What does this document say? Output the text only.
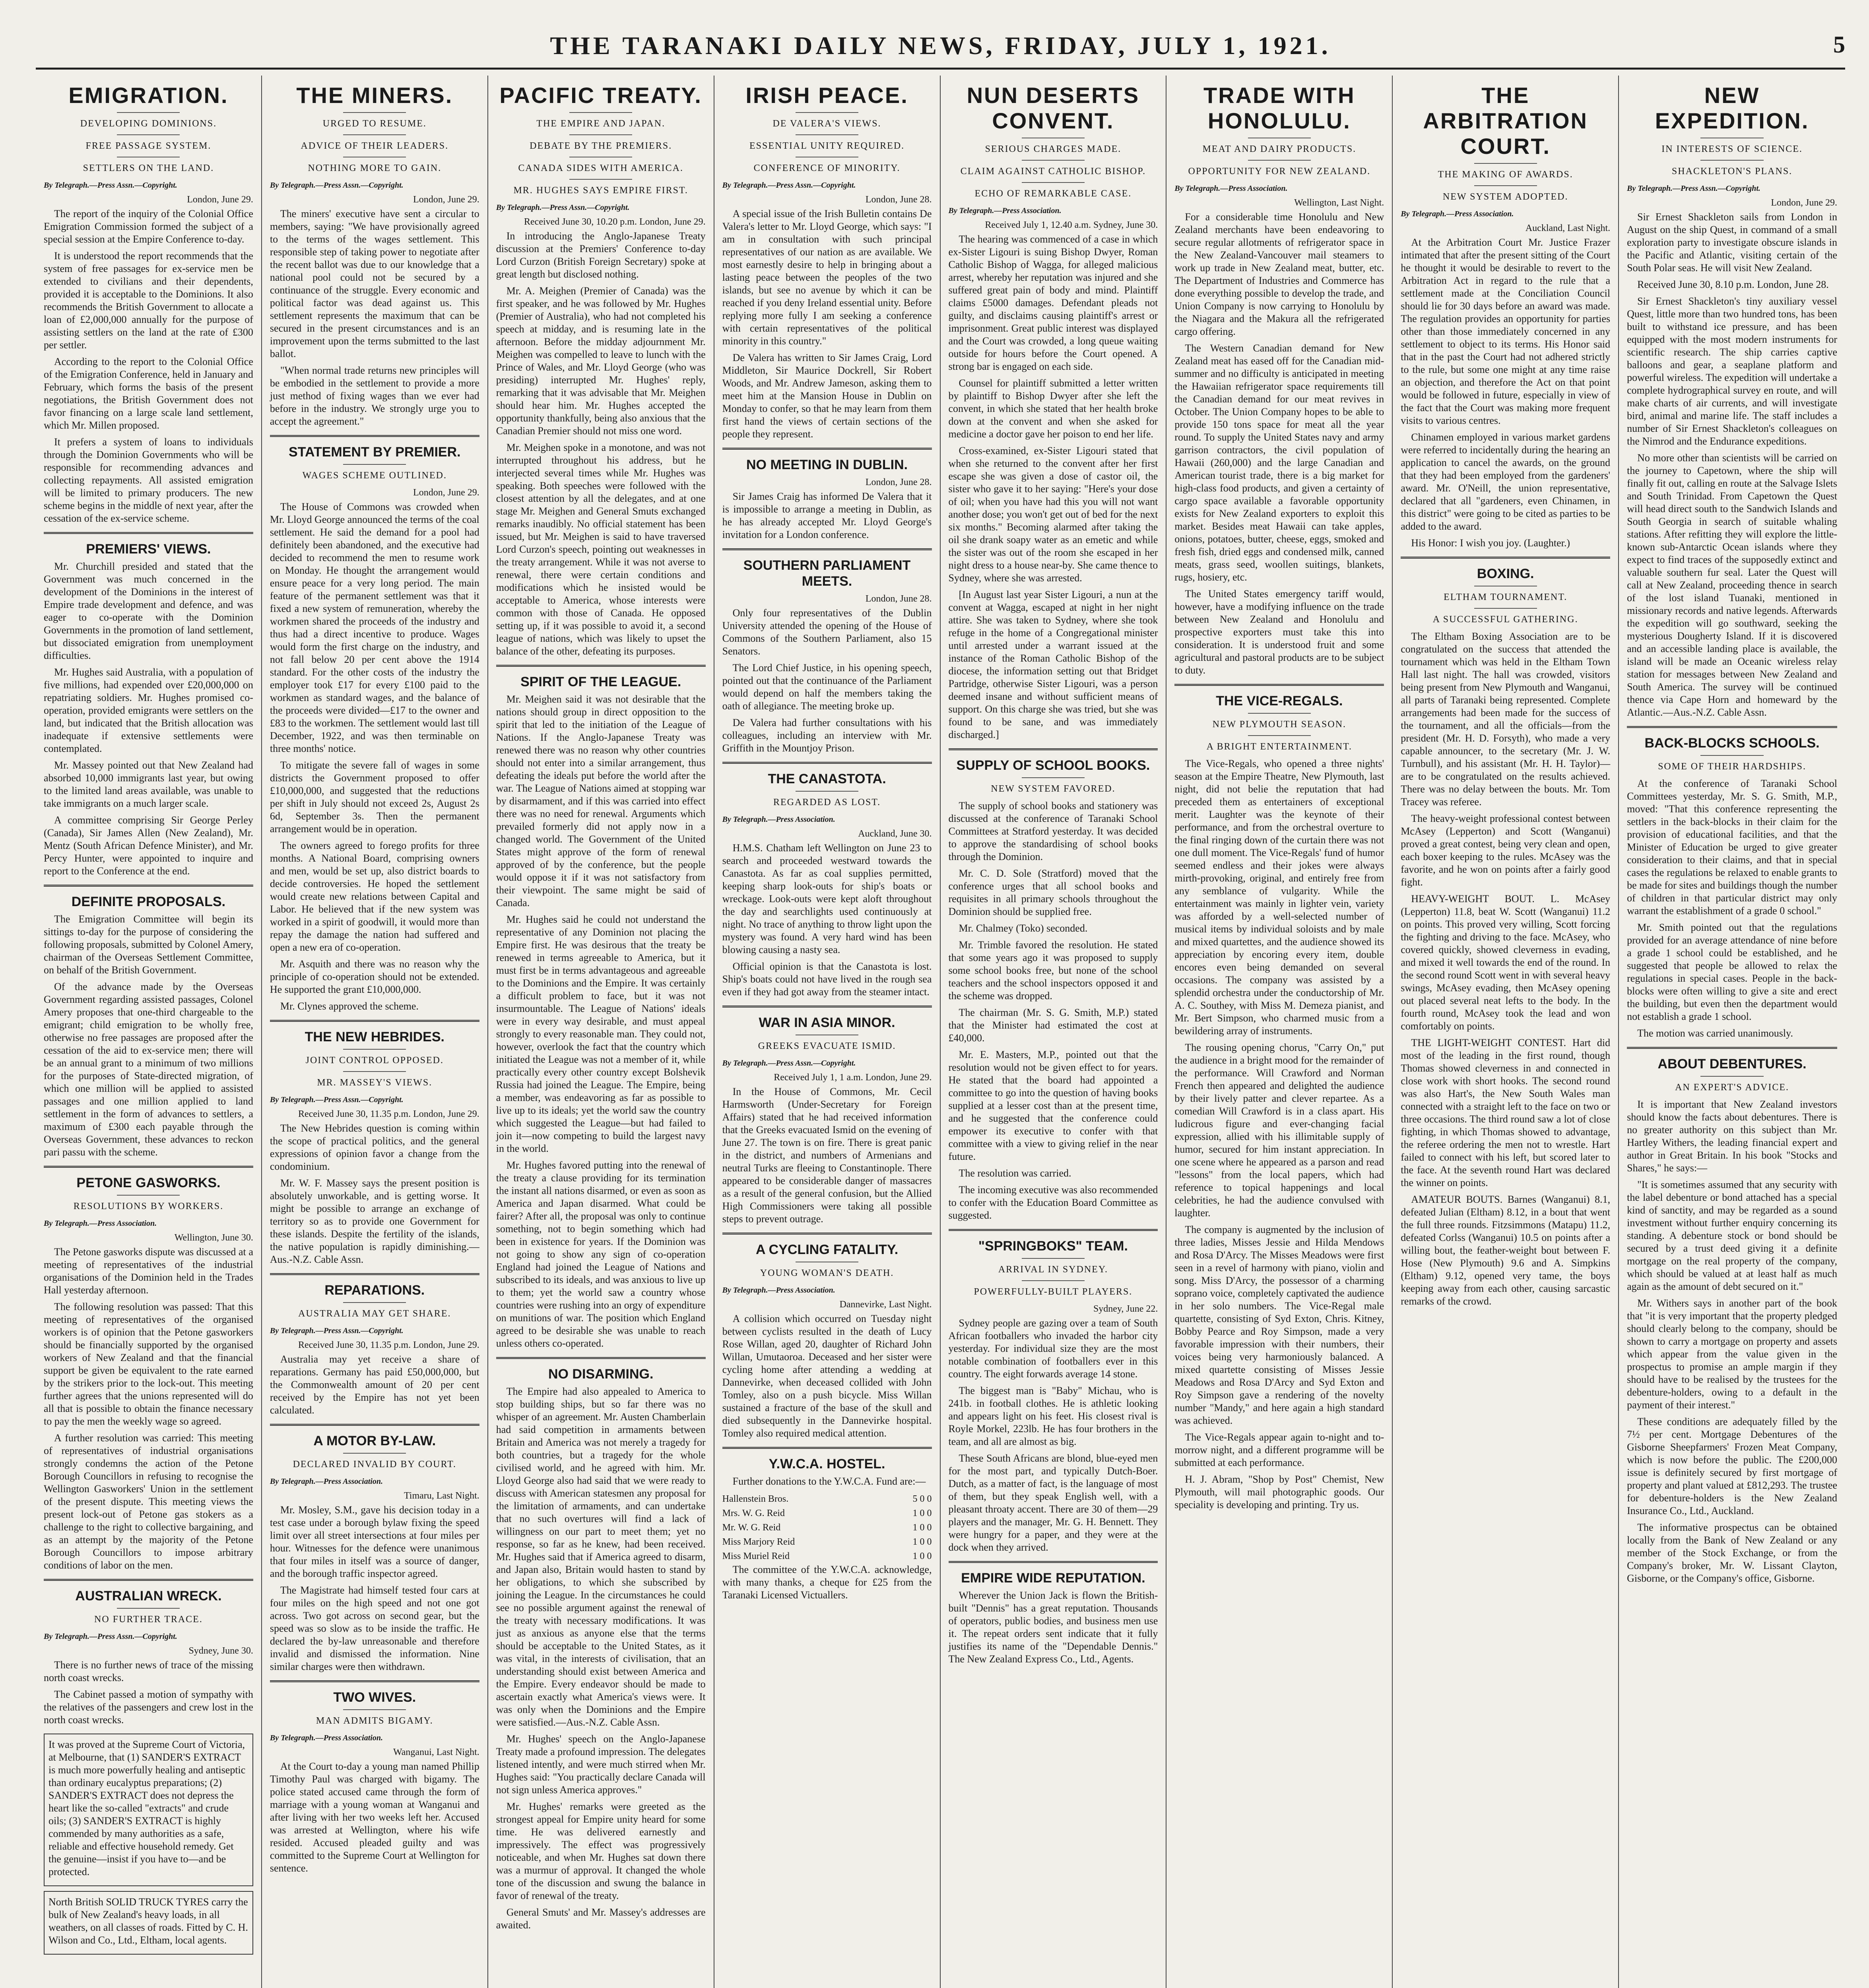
THE TARANAKI DAILY NEWS, FRIDAY, JULY 1, 1921.	5
EMIGRATION.
DEVELOPING DOMINIONS.
FREE PASSAGE SYSTEM.
SETTLERS ON THE LAND.
By Telegraph.—Press Assn.—Copyright.
London, June 29.

The report of the inquiry of the Colonial Office Emigration Commission formed the subject of a special session at the Empire Conference to-day.

It is understood the report recommends that the system of free passages for ex-service men be extended to civilians and their dependents, provided it is acceptable to the Dominions. It also recommends the British Government to allocate a loan of £2,000,000 annually for the purpose of assisting settlers on the land at the rate of £300 per settler.

According to the report to the Colonial Office of the Emigration Conference, held in January and February, which forms the basis of the present negotiations, the British Government does not favor financing on a large scale land settlement, which Mr. Millen proposed.

It prefers a system of loans to individuals through the Dominion Governments who will be responsible for recommending advances and collecting repayments. All assisted emigration will be limited to primary producers. The new scheme begins in the middle of next year, after the cessation of the ex-service scheme.

PREMIERS' VIEWS.

Mr. Churchill presided and stated that the Government was much concerned in the development of the Dominions in the interest of Empire trade development and defence, and was eager to co-operate with the Dominion Governments in the promotion of land settlement, but dissociated emigration from unemployment difficulties.

Mr. Hughes said Australia, with a population of five millions, had expended over £20,000,000 on repatriating soldiers. Mr. Hughes promised co-operation, provided emigrants were settlers on the land, but indicated that the British allocation was inadequate if extensive settlements were contemplated.

Mr. Massey pointed out that New Zealand had absorbed 10,000 immigrants last year, but owing to the limited land areas available, was unable to take immigrants on a much larger scale.

A committee comprising Sir George Perley (Canada), Sir James Allen (New Zealand), Mr. Mentz (South African Defence Minister), and Mr. Percy Hunter, were appointed to inquire and report to the Conference at the end.

DEFINITE PROPOSALS.

The Emigration Committee will begin its sittings to-day for the purpose of considering the following proposals, submitted by Colonel Amery, chairman of the Overseas Settlement Committee, on behalf of the British Government.

Of the advance made by the Overseas Government regarding assisted passages, Colonel Amery proposes that one-third chargeable to the emigrant; child emigration to be wholly free, otherwise no free passages are proposed after the cessation of the aid to ex-service men; there will be an annual grant to a minimum of two millions for the purposes of State-directed migration, of which one million will be applied to assisted passages and one million applied to land settlement in the form of advances to settlers, a maximum of £300 each payable through the Overseas Government, these advances to reckon pari passu with the scheme.

PETONE GASWORKS.
RESOLUTIONS BY WORKERS.
By Telegraph.—Press Association.
Wellington, June 30.

The Petone gasworks dispute was discussed at a meeting of representatives of the industrial organisations of the Dominion held in the Trades Hall yesterday afternoon.

The following resolution was passed: That this meeting of representatives of the organised workers is of opinion that the Petone gasworkers should be financially supported by the organised workers of New Zealand and that the financial support be given be equivalent to the rate earned by the strikers prior to the lock-out. This meeting further agrees that the unions represented will do all that is possible to obtain the finance necessary to pay the men the weekly wage so agreed.

A further resolution was carried: This meeting of representatives of industrial organisations strongly condemns the action of the Petone Borough Councillors in refusing to recognise the Wellington Gasworkers' Union in the settlement of the present dispute. This meeting views the present lock-out of Petone gas stokers as a challenge to the right to collective bargaining, and as an attempt by the majority of the Petone Borough Councillors to impose arbitrary conditions of labor on the men.

AUSTRALIAN WRECK.
NO FURTHER TRACE.
By Telegraph.—Press Assn.—Copyright.
Sydney, June 30.

There is no further news of trace of the missing north coast wrecks.

The Cabinet passed a motion of sympathy with the relatives of the passengers and crew lost in the north coast wrecks.

It was proved at the Supreme Court of Victoria, at Melbourne, that (1) SANDER'S EXTRACT is much more powerfully healing and antiseptic than ordinary eucalyptus preparations; (2) SANDER'S EXTRACT does not depress the heart like the so-called "extracts" and crude oils; (3) SANDER'S EXTRACT is highly commended by many authorities as a safe, reliable and effective household remedy. Get the genuine—insist if you have to—and be protected.

North British SOLID TRUCK TYRES carry the bulk of New Zealand's heavy loads, in all weathers, on all classes of roads. Fitted by C. H. Wilson and Co., Ltd., Eltham, local agents.

THE MINERS.
URGED TO RESUME.
ADVICE OF THEIR LEADERS.
NOTHING MORE TO GAIN.
By Telegraph.—Press Assn.—Copyright.
London, June 29.

The miners' executive have sent a circular to members, saying: "We have provisionally agreed to the terms of the wages settlement. This responsible step of taking power to negotiate after the recent ballot was due to our knowledge that a national pool could not be secured by a continuance of the struggle. Every economic and political factor was dead against us. This settlement represents the maximum that can be secured in the present circumstances and is an improvement upon the terms submitted to the last ballot.

"When normal trade returns new principles will be embodied in the settlement to provide a more just method of fixing wages than we ever had before in the industry. We strongly urge you to accept the agreement."

STATEMENT BY PREMIER.
WAGES SCHEME OUTLINED.
London, June 29.

The House of Commons was crowded when Mr. Lloyd George announced the terms of the coal settlement. He said the demand for a pool had definitely been abandoned, and the executive had decided to recommend the men to resume work on Monday. He thought the arrangement would ensure peace for a very long period. The main feature of the permanent settlement was that it fixed a new system of remuneration, whereby the workmen shared the proceeds of the industry and thus had a direct incentive to produce. Wages would form the first charge on the industry, and not fall below 20 per cent above the 1914 standard. For the other costs of the industry the employer took £17 for every £100 paid to the workmen as standard wages, and the balance of the proceeds were divided—£17 to the owner and £83 to the workmen. The settlement would last till December, 1922, and was then terminable on three months' notice.

To mitigate the severe fall of wages in some districts the Government proposed to offer £10,000,000, and suggested that the reductions per shift in July should not exceed 2s, August 2s 6d, September 3s. Then the permanent arrangement would be in operation.

The owners agreed to forego profits for three months. A National Board, comprising owners and men, would be set up, also district boards to decide controversies. He hoped the settlement would create new relations between Capital and Labor. He believed that if the new system was worked in a spirit of goodwill, it would more than repay the damage the nation had suffered and open a new era of co-operation.

Mr. Asquith and there was no reason why the principle of co-operation should not be extended. He supported the grant £10,000,000.

Mr. Clynes approved the scheme.

THE NEW HEBRIDES.
JOINT CONTROL OPPOSED.
MR. MASSEY'S VIEWS.
By Telegraph.—Press Assn.—Copyright.
Received June 30, 11.35 p.m. London, June 29.

The New Hebrides question is coming within the scope of practical politics, and the general expressions of opinion favor a change from the condominium.

Mr. W. F. Massey says the present position is absolutely unworkable, and is getting worse. It might be possible to arrange an exchange of territory so as to provide one Government for these islands. Despite the fertility of the islands, the native population is rapidly diminishing.—Aus.-N.Z. Cable Assn.

REPARATIONS.
AUSTRALIA MAY GET SHARE.
By Telegraph.—Press Assn.—Copyright.
Received June 30, 11.35 p.m. London, June 29.

Australia may yet receive a share of reparations. Germany has paid £50,000,000, but the Commonwealth amount of 20 per cent received by the Empire has not yet been calculated.

A MOTOR BY-LAW.
DECLARED INVALID BY COURT.
By Telegraph.—Press Association.
Timaru, Last Night.

Mr. Mosley, S.M., gave his decision today in a test case under a borough bylaw fixing the speed limit over all street intersections at four miles per hour. Witnesses for the defence were unanimous that four miles in itself was a source of danger, and the borough traffic inspector agreed.

The Magistrate had himself tested four cars at four miles on the high speed and not one got across. Two got across on second gear, but the speed was so slow as to be inside the traffic. He declared the by-law unreasonable and therefore invalid and dismissed the information. Nine similar charges were then withdrawn.

TWO WIVES.
MAN ADMITS BIGAMY.
By Telegraph.—Press Association.
Wanganui, Last Night.

At the Court to-day a young man named Phillip Timothy Paul was charged with bigamy. The police stated accused came through the form of marriage with a young woman at Wanganui and after living with her two weeks left her. Accused was arrested at Wellington, where his wife resided. Accused pleaded guilty and was committed to the Supreme Court at Wellington for sentence.

PACIFIC TREATY.
THE EMPIRE AND JAPAN.
DEBATE BY THE PREMIERS.
CANADA SIDES WITH AMERICA.
MR. HUGHES SAYS EMPIRE FIRST.
By Telegraph.—Press Assn.—Copyright.
Received June 30, 10.20 p.m. London, June 29.

In introducing the Anglo-Japanese Treaty discussion at the Premiers' Conference to-day Lord Curzon (British Foreign Secretary) spoke at great length but disclosed nothing.

Mr. A. Meighen (Premier of Canada) was the first speaker, and he was followed by Mr. Hughes (Premier of Australia), who had not completed his speech at midday, and is resuming late in the afternoon. Before the midday adjournment Mr. Meighen was compelled to leave to lunch with the Prince of Wales, and Mr. Lloyd George (who was presiding) interrupted Mr. Hughes' reply, remarking that it was advisable that Mr. Meighen should hear him. Mr. Hughes accepted the opportunity thankfully, being also anxious that the Canadian Premier should not miss one word.

Mr. Meighen spoke in a monotone, and was not interrupted throughout his address, but he interjected several times while Mr. Hughes was speaking. Both speeches were followed with the closest attention by all the delegates, and at one stage Mr. Meighen and General Smuts exchanged remarks inaudibly. No official statement has been issued, but Mr. Meighen is said to have traversed Lord Curzon's speech, pointing out weaknesses in the treaty arrangement. While it was not averse to renewal, there were certain conditions and modifications which he insisted would be acceptable to America, whose interests were common with those of Canada. He opposed setting up, if it was possible to avoid it, a second league of nations, which was likely to upset the balance of the other, defeating its purposes.

SPIRIT OF THE LEAGUE.

Mr. Meighen said it was not desirable that the nations should group in direct opposition to the spirit that led to the initiation of the League of Nations. If the Anglo-Japanese Treaty was renewed there was no reason why other countries should not enter into a similar arrangement, thus defeating the ideals put before the world after the war. The League of Nations aimed at stopping war by disarmament, and if this was carried into effect there was no need for renewal. Arguments which prevailed formerly did not apply now in a changed world. The Government of the United States might approve of the form of renewal approved of by the conference, but the people would oppose it if it was not satisfactory from their viewpoint. The same might be said of Canada.

Mr. Hughes said he could not understand the representative of any Dominion not placing the Empire first. He was desirous that the treaty be renewed in terms agreeable to America, but it must first be in terms advantageous and agreeable to the Dominions and the Empire. It was certainly a difficult problem to face, but it was not insurmountable. The League of Nations' ideals were in every way desirable, and must appeal strongly to every reasonable man. They could not, however, overlook the fact that the country which initiated the League was not a member of it, while practically every other country except Bolshevik Russia had joined the League. The Empire, being a member, was endeavoring as far as possible to live up to its ideals; yet the world saw the country which suggested the League—but had failed to join it—now competing to build the largest navy in the world.

Mr. Hughes favored putting into the renewal of the treaty a clause providing for its termination the instant all nations disarmed, or even as soon as America and Japan disarmed. What could be fairer? After all, the proposal was only to continue something, not to begin something which had been in existence for years. If the Dominion was not going to show any sign of co-operation England had joined the League of Nations and subscribed to its ideals, and was anxious to live up to them; yet the world saw a country whose countries were rushing into an orgy of expenditure on munitions of war. The position which England agreed to be desirable she was unable to reach unless others co-operated.

NO DISARMING.

The Empire had also appealed to America to stop building ships, but so far there was no whisper of an agreement. Mr. Austen Chamberlain had said competition in armaments between Britain and America was not merely a tragedy for both countries, but a tragedy for the whole civilised world, and he agreed with him. Mr. Lloyd George also had said that we were ready to discuss with American statesmen any proposal for the limitation of armaments, and can undertake that no such overtures will find a lack of willingness on our part to meet them; yet no response, so far as he knew, had been received. Mr. Hughes said that if America agreed to disarm, and Japan also, Britain would hasten to stand by her obligations, to which she subscribed by joining the League. In the circumstances he could see no possible argument against the renewal of the treaty with necessary modifications. It was just as anxious as anyone else that the terms should be acceptable to the United States, as it was vital, in the interests of civilisation, that an understanding should exist between America and the Empire. Every endeavor should be made to ascertain exactly what America's views were. It was only when the Dominions and the Empire were satisfied.—Aus.-N.Z. Cable Assn.

Mr. Hughes' speech on the Anglo-Japanese Treaty made a profound impression. The delegates listened intently, and were much stirred when Mr. Hughes said: "You practically declare Canada will not sign unless America approves."

Mr. Hughes' remarks were greeted as the strongest appeal for Empire unity heard for some time. He was delivered earnestly and impressively. The effect was progressively noticeable, and when Mr. Hughes sat down there was a murmur of approval. It changed the whole tone of the discussion and swung the balance in favor of renewal of the treaty.

General Smuts' and Mr. Massey's addresses are awaited.

IRISH PEACE.
DE VALERA'S VIEWS.
ESSENTIAL UNITY REQUIRED.
CONFERENCE OF MINORITY.
By Telegraph.—Press Assn.—Copyright.
London, June 28.

A special issue of the Irish Bulletin contains De Valera's letter to Mr. Lloyd George, which says: "I am in consultation with such principal representatives of our nation as are available. We most earnestly desire to help in bringing about a lasting peace between the peoples of the two islands, but see no avenue by which it can be reached if you deny Ireland essential unity. Before replying more fully I am seeking a conference with certain representatives of the political minority in this country."

De Valera has written to Sir James Craig, Lord Middleton, Sir Maurice Dockrell, Sir Robert Woods, and Mr. Andrew Jameson, asking them to meet him at the Mansion House in Dublin on Monday to confer, so that he may learn from them first hand the views of certain sections of the people they represent.

NO MEETING IN DUBLIN.
London, June 28.

Sir James Craig has informed De Valera that it is impossible to arrange a meeting in Dublin, as he has already accepted Mr. Lloyd George's invitation for a London conference.

SOUTHERN PARLIAMENT MEETS.
London, June 28.

Only four representatives of the Dublin University attended the opening of the House of Commons of the Southern Parliament, also 15 Senators.

The Lord Chief Justice, in his opening speech, pointed out that the continuance of the Parliament would depend on half the members taking the oath of allegiance. The meeting broke up.

De Valera had further consultations with his colleagues, including an interview with Mr. Griffith in the Mountjoy Prison.

THE CANASTOTA.
REGARDED AS LOST.
By Telegraph.—Press Association.
Auckland, June 30.

H.M.S. Chatham left Wellington on June 23 to search and proceeded westward towards the Canastota. As far as coal supplies permitted, keeping sharp look-outs for ship's boats or wreckage. Look-outs were kept aloft throughout the day and searchlights used continuously at night. No trace of anything to throw light upon the mystery was found. A very hard wind has been blowing causing a nasty sea.

Official opinion is that the Canastota is lost. Ship's boats could not have lived in the rough sea even if they had got away from the steamer intact.

WAR IN ASIA MINOR.
GREEKS EVACUATE ISMID.
By Telegraph.—Press Assn.—Copyright.
Received July 1, 1 a.m. London, June 29.

In the House of Commons, Mr. Cecil Harmsworth (Under-Secretary for Foreign Affairs) stated that he had received information that the Greeks evacuated Ismid on the evening of June 27. The town is on fire. There is great panic in the district, and numbers of Armenians and neutral Turks are fleeing to Constantinople. There appeared to be considerable danger of massacres as a result of the general confusion, but the Allied High Commissioners were taking all possible steps to prevent outrage.

A CYCLING FATALITY.
YOUNG WOMAN'S DEATH.
By Telegraph.—Press Association.
Dannevirke, Last Night.

A collision which occurred on Tuesday night between cyclists resulted in the death of Lucy Rose Willan, aged 20, daughter of Richard John Willan, Umutaoroa. Deceased and her sister were cycling home after attending a wedding at Dannevirke, when deceased collided with John Tomley, also on a push bicycle. Miss Willan sustained a fracture of the base of the skull and died subsequently in the Dannevirke hospital. Tomley also required medical attention.

Y.W.C.A. HOSTEL.

Further donations to the Y.W.C.A. Fund are:—

Hallenstein Bros.	5 0 0
Mrs. W. G. Reid	1 0 0
Mr. W. G. Reid	1 0 0
Miss Marjory Reid	1 0 0
Miss Muriel Reid	1 0 0

The committee of the Y.W.C.A. acknowledge, with many thanks, a cheque for £25 from the Taranaki Licensed Victuallers.

NUN DESERTS CONVENT.
SERIOUS CHARGES MADE.
CLAIM AGAINST CATHOLIC BISHOP.
ECHO OF REMARKABLE CASE.
By Telegraph.—Press Association.
Received July 1, 12.40 a.m. Sydney, June 30.

The hearing was commenced of a case in which ex-Sister Ligouri is suing Bishop Dwyer, Roman Catholic Bishop of Wagga, for alleged malicious arrest, whereby her reputation was injured and she suffered great pain of body and mind. Plaintiff claims £5000 damages. Defendant pleads not guilty, and disclaims causing plaintiff's arrest or imprisonment. Great public interest was displayed and the Court was crowded, a long queue waiting outside for hours before the Court opened. A strong bar is engaged on each side.

Counsel for plaintiff submitted a letter written by plaintiff to Bishop Dwyer after she left the convent, in which she stated that her health broke down at the convent and when she asked for medicine a doctor gave her poison to end her life.

Cross-examined, ex-Sister Ligouri stated that when she returned to the convent after her first escape she was given a dose of castor oil, the sister who gave it to her saying: "Here's your dose of oil; when you have had this you will not want another dose; you won't get out of bed for the next six months." Becoming alarmed after taking the oil she drank soapy water as an emetic and while the sister was out of the room she escaped in her night dress to a house near-by. She came thence to Sydney, where she was arrested.

[In August last year Sister Ligouri, a nun at the convent at Wagga, escaped at night in her night attire. She was taken to Sydney, where she took refuge in the home of a Congregational minister until arrested under a warrant issued at the instance of the Roman Catholic Bishop of the diocese, the information setting out that Bridget Partridge, otherwise Sister Ligouri, was a person deemed insane and without sufficient means of support. On this charge she was tried, but she was found to be sane, and was immediately discharged.]

SUPPLY OF SCHOOL BOOKS.
NEW SYSTEM FAVORED.

The supply of school books and stationery was discussed at the conference of Taranaki School Committees at Stratford yesterday. It was decided to approve the standardising of school books through the Dominion.

Mr. C. D. Sole (Stratford) moved that the conference urges that all school books and requisites in all primary schools throughout the Dominion should be supplied free.

Mr. Chalmey (Toko) seconded.

Mr. Trimble favored the resolution. He stated that some years ago it was proposed to supply some school books free, but none of the school teachers and the school inspectors opposed it and the scheme was dropped.

The chairman (Mr. S. G. Smith, M.P.) stated that the Minister had estimated the cost at £40,000.

Mr. E. Masters, M.P., pointed out that the resolution would not be given effect to for years. He stated that the board had appointed a committee to go into the question of having books supplied at a lesser cost than at the present time, and he suggested that the conference could empower its executive to confer with that committee with a view to giving relief in the near future.

The resolution was carried.

The incoming executive was also recommended to confer with the Education Board Committee as suggested.

"SPRINGBOKS" TEAM.
ARRIVAL IN SYDNEY.
POWERFULLY-BUILT PLAYERS.
Sydney, June 22.

Sydney people are gazing over a team of South African footballers who invaded the harbor city yesterday. For individual size they are the most notable combination of footballers ever in this country. The eight forwards average 14 stone.

The biggest man is "Baby" Michau, who is 241b. in football clothes. He is athletic looking and appears light on his feet. His closest rival is Royle Morkel, 223lb. He has four brothers in the team, and all are almost as big.

These South Africans are blond, blue-eyed men for the most part, and typically Dutch-Boer. Dutch, as a matter of fact, is the language of most of them, but they speak English well, with a pleasant throaty accent. There are 30 of them—29 players and the manager, Mr. G. H. Bennett. They were hungry for a paper, and they were at the dock when they arrived.

EMPIRE WIDE REPUTATION.

Wherever the Union Jack is flown the British-built "Dennis" has a great reputation. Thousands of operators, public bodies, and business men use it. The repeat orders sent indicate that it fully justifies its name of the "Dependable Dennis." The New Zealand Express Co., Ltd., Agents.

TRADE WITH HONOLULU.
MEAT AND DAIRY PRODUCTS.
OPPORTUNITY FOR NEW ZEALAND.
By Telegraph.—Press Association.
Wellington, Last Night.

For a considerable time Honolulu and New Zealand merchants have been endeavoring to secure regular allotments of refrigerator space in the New Zealand-Vancouver mail steamers to work up trade in New Zealand meat, butter, etc. The Department of Industries and Commerce has done everything possible to develop the trade, and Union Company is now carrying to Honolulu by the Niagara and the Makura all the refrigerated cargo offering.

The Western Canadian demand for New Zealand meat has eased off for the Canadian mid-summer and no difficulty is anticipated in meeting the Hawaiian refrigerator space requirements till the Canadian demand for our meat revives in October. The Union Company hopes to be able to provide 150 tons space for meat all the year round. To supply the United States navy and army garrison contractors, the civil population of Hawaii (260,000) and the large Canadian and American tourist trade, there is a big market for high-class food products, and given a certainty of cargo space available a favorable opportunity exists for New Zealand exporters to exploit this market. Besides meat Hawaii can take apples, onions, potatoes, butter, cheese, eggs, smoked and fresh fish, dried eggs and condensed milk, canned meats, grass seed, woollen suitings, blankets, rugs, hosiery, etc.

The United States emergency tariff would, however, have a modifying influence on the trade between New Zealand and Honolulu and prospective exporters must take this into consideration. It is understood fruit and some agricultural and pastoral products are to be subject to duty.

THE VICE-REGALS.
NEW PLYMOUTH SEASON.
A BRIGHT ENTERTAINMENT.

The Vice-Regals, who opened a three nights' season at the Empire Theatre, New Plymouth, last night, did not belie the reputation that had preceded them as entertainers of exceptional merit. Laughter was the keynote of their performance, and from the orchestral overture to the final ringing down of the curtain there was not one dull moment. The Vice-Regals' fund of humor seemed endless and their jokes were always mirth-provoking, original, and entirely free from any semblance of vulgarity. While the entertainment was mainly in lighter vein, variety was afforded by a well-selected number of musical items by individual soloists and by male and mixed quartettes, and the audience showed its appreciation by encoring every item, double encores even being demanded on several occasions. The company was assisted by a splendid orchestra under the conductorship of Mr. A. C. Southey, with Miss M. Demeza pianist, and Mr. Bert Simpson, who charmed music from a bewildering array of instruments.

The rousing opening chorus, "Carry On," put the audience in a bright mood for the remainder of the performance. Will Crawford and Norman French then appeared and delighted the audience by their lively patter and clever repartee. As a comedian Will Crawford is in a class apart. His ludicrous figure and ever-changing facial expression, allied with his illimitable supply of humor, secured for him instant appreciation. In one scene where he appeared as a parson and read "lessons" from the local papers, which had reference to topical happenings and local celebrities, he had the audience convulsed with laughter.

The company is augmented by the inclusion of three ladies, Misses Jessie and Hilda Mendows and Rosa D'Arcy. The Misses Meadows were first seen in a revel of harmony with piano, violin and song. Miss D'Arcy, the possessor of a charming soprano voice, completely captivated the audience in her solo numbers. The Vice-Regal male quartette, consisting of Syd Exton, Chris. Kitney, Bobby Pearce and Roy Simpson, made a very favorable impression with their numbers, their voices being very harmoniously balanced. A mixed quartette consisting of Misses Jessie Meadows and Rosa D'Arcy and Syd Exton and Roy Simpson gave a rendering of the novelty number "Mandy," and here again a high standard was achieved.

The Vice-Regals appear again to-night and to-morrow night, and a different programme will be submitted at each performance.

H. J. Abram, "Shop by Post" Chemist, New Plymouth, will mail photographic goods. Our speciality is developing and printing. Try us.

THE ARBITRATION COURT.
THE MAKING OF AWARDS.
NEW SYSTEM ADOPTED.
By Telegraph.—Press Association.
Auckland, Last Night.

At the Arbitration Court Mr. Justice Frazer intimated that after the present sitting of the Court he thought it would be desirable to revert to the Arbitration Act in regard to the rule that a settlement made at the Conciliation Council should lie for 30 days before an award was made. The regulation provides an opportunity for parties other than those immediately concerned in any settlement to object to its terms. His Honor said that in the past the Court had not adhered strictly to the rule, but some one might at any time raise an objection, and therefore the Act on that point would be followed in future, especially in view of the fact that the Court was making more frequent visits to various centres.

Chinamen employed in various market gardens were referred to incidentally during the hearing an application to cancel the awards, on the ground that they had been employed from the gardeners' award. Mr. O'Neill, the union representative, declared that all "gardeners, even Chinamen, in this district" were going to be cited as parties to be added to the award.

His Honor: I wish you joy. (Laughter.)

BOXING.
ELTHAM TOURNAMENT.
A SUCCESSFUL GATHERING.

The Eltham Boxing Association are to be congratulated on the success that attended the tournament which was held in the Eltham Town Hall last night. The hall was crowded, visitors being present from New Plymouth and Wanganui, all parts of Taranaki being represented. Complete arrangements had been made for the success of the tournament, and all the officials—from the president (Mr. H. D. Forsyth), who made a very capable announcer, to the secretary (Mr. J. W. Turnbull), and his assistant (Mr. H. H. Taylor)—are to be congratulated on the results achieved. There was no delay between the bouts. Mr. Tom Tracey was referee.

The heavy-weight professional contest between McAsey (Lepperton) and Scott (Wanganui) proved a great contest, being very clean and open, each boxer keeping to the rules. McAsey was the favorite, and he won on points after a fairly good fight.

HEAVY-WEIGHT BOUT. L. McAsey (Lepperton) 11.8, beat W. Scott (Wanganui) 11.2 on points. This proved very willing, Scott forcing the fighting and driving to the face. McAsey, who covered quickly, showed cleverness in evading, and mixed it well towards the end of the round. In the second round Scott went in with several heavy swings, McAsey evading, then McAsey opening out placed several neat lefts to the body. In the fourth round, McAsey took the lead and won comfortably on points.

THE LIGHT-WEIGHT CONTEST. Hart did most of the leading in the first round, though Thomas showed cleverness in and connected in close work with short hooks. The second round was also Hart's, the New South Wales man connected with a straight left to the face on two or three occasions. The third round saw a lot of close fighting, in which Thomas showed to advantage, the referee ordering the men not to wrestle. Hart failed to connect with his left, but scored later to the face. At the seventh round Hart was declared the winner on points.

AMATEUR BOUTS. Barnes (Wanganui) 8.1, defeated Julian (Eltham) 8.12, in a bout that went the full three rounds. Fitzsimmons (Matapu) 11.2, defeated Corlss (Wanganui) 10.5 on points after a willing bout, the feather-weight bout between F. Hose (New Plymouth) 9.6 and A. Simpkins (Eltham) 9.12, opened very tame, the boys keeping away from each other, causing sarcastic remarks of the crowd.

NEW EXPEDITION.
IN INTERESTS OF SCIENCE.
SHACKLETON'S PLANS.
By Telegraph.—Press Assn.—Copyright.
London, June 29.

Sir Ernest Shackleton sails from London in August on the ship Quest, in command of a small exploration party to investigate obscure islands in the Pacific and Atlantic, visiting certain of the South Polar seas. He will visit New Zealand.

Received June 30, 8.10 p.m. London, June 28.

Sir Ernest Shackleton's tiny auxiliary vessel Quest, little more than two hundred tons, has been built to withstand ice pressure, and has been equipped with the most modern instruments for scientific research. The ship carries captive balloons and gear, a seaplane platform and powerful wireless. The expedition will undertake a complete hydrographical survey en route, and will make charts of air currents, and will investigate bird, animal and marine life. The staff includes a number of Sir Ernest Shackleton's colleagues on the Nimrod and the Endurance expeditions.

No more other than scientists will be carried on the journey to Capetown, where the ship will finally fit out, calling en route at the Salvage Islets and South Trinidad. From Capetown the Quest will head direct south to the Sandwich Islands and South Georgia in search of suitable whaling stations. After refitting they will explore the little-known sub-Antarctic Ocean islands where they expect to find traces of the supposedly extinct and valuable southern fur seal. Later the Quest will call at New Zealand, proceeding thence in search of the lost island Tuanaki, mentioned in missionary records and native legends. Afterwards the expedition will go southward, seeking the mysterious Dougherty Island. If it is discovered and an accessible landing place is available, the island will be made an Oceanic wireless relay station for messages between New Zealand and South America. The survey will be continued thence via Cape Horn and homeward by the Atlantic.—Aus.-N.Z. Cable Assn.

BACK-BLOCKS SCHOOLS.
SOME OF THEIR HARDSHIPS.

At the conference of Taranaki School Committees yesterday, Mr. S. G. Smith, M.P., moved: "That this conference representing the settlers in the back-blocks in their claim for the provision of educational facilities, and that the Minister of Education be urged to give greater consideration to their claims, and that in special cases the regulations be relaxed to enable grants to be made for sites and buildings though the number of children in that particular district may only warrant the establishment of a grade 0 school."

Mr. Smith pointed out that the regulations provided for an average attendance of nine before a grade 1 school could be established, and he suggested that people be allowed to relax the regulations in special cases. People in the back-blocks were often willing to give a site and erect the building, but even then the department would not establish a grade 1 school.

The motion was carried unanimously.

ABOUT DEBENTURES.
AN EXPERT'S ADVICE.

It is important that New Zealand investors should know the facts about debentures. There is no greater authority on this subject than Mr. Hartley Withers, the leading financial expert and author in Great Britain. In his book "Stocks and Shares," he says:—

"It is sometimes assumed that any security with the label debenture or bond attached has a special kind of sanctity, and may be regarded as a sound investment without further enquiry concerning its standing. A debenture stock or bond should be secured by a trust deed giving it a definite mortgage on the real property of the company, which should be valued at at least half as much again as the amount of debt secured on it."

Mr. Withers says in another part of the book that "it is very important that the property pledged should clearly belong to the company, should be shown to carry a mortgage on property and assets which appear from the value given in the prospectus to promise an ample margin if they should have to be realised by the trustees for the debenture-holders, owing to a default in the payment of their interest."

These conditions are adequately filled by the 7½ per cent. Mortgage Debentures of the Gisborne Sheepfarmers' Frozen Meat Company, which is now before the public. The £200,000 issue is definitely secured by first mortgage of property and plant valued at £812,293. The trustee for debenture-holders is the New Zealand Insurance Co., Ltd., Auckland.

The informative prospectus can be obtained locally from the Bank of New Zealand or any member of the Stock Exchange, or from the Company's broker, Mr. W. Lissant Clayton, Gisborne, or the Company's office, Gisborne.
